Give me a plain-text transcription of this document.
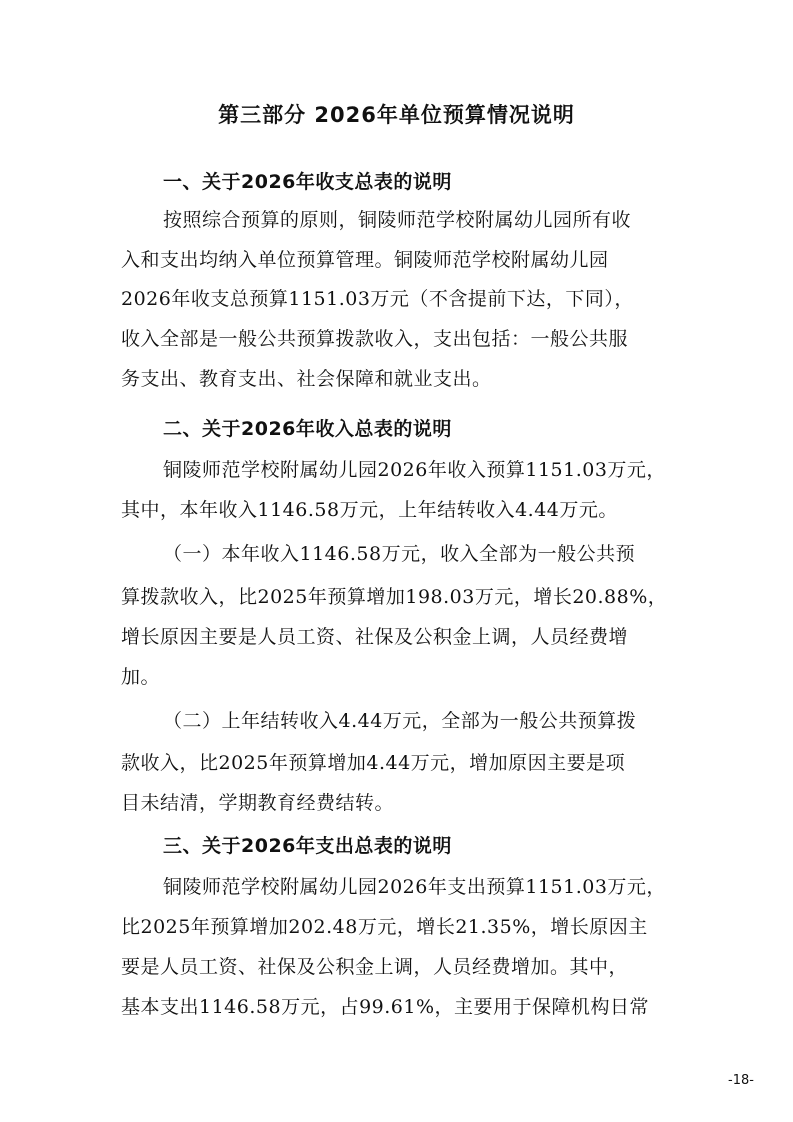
第三部分 2026年单位预算情况说明
一、关于2026年收支总表的说明
按照综合预算的原则，铜陵师范学校附属幼儿园所有收
入和支出均纳入单位预算管理。铜陵师范学校附属幼儿园
2026年收支总预算1151.03万元（不含提前下达，下同），
收入全部是一般公共预算拨款收入，支出包括：一般公共服
务支出、教育支出、社会保障和就业支出。
二、关于2026年收入总表的说明
铜陵师范学校附属幼儿园2026年收入预算1151.03万元，
其中，本年收入1146.58万元，上年结转收入4.44万元。
（一）本年收入1146.58万元，收入全部为一般公共预
算拨款收入，比2025年预算增加198.03万元，增长20.88%，
增长原因主要是人员工资、社保及公积金上调，人员经费增
加。
（二）上年结转收入4.44万元，全部为一般公共预算拨
款收入，比2025年预算增加4.44万元，增加原因主要是项
目未结清，学期教育经费结转。
三、关于2026年支出总表的说明
铜陵师范学校附属幼儿园2026年支出预算1151.03万元，
比2025年预算增加202.48万元，增长21.35%，增长原因主
要是人员工资、社保及公积金上调，人员经费增加。其中，
基本支出1146.58万元，占99.61%，主要用于保障机构日常
-18-
